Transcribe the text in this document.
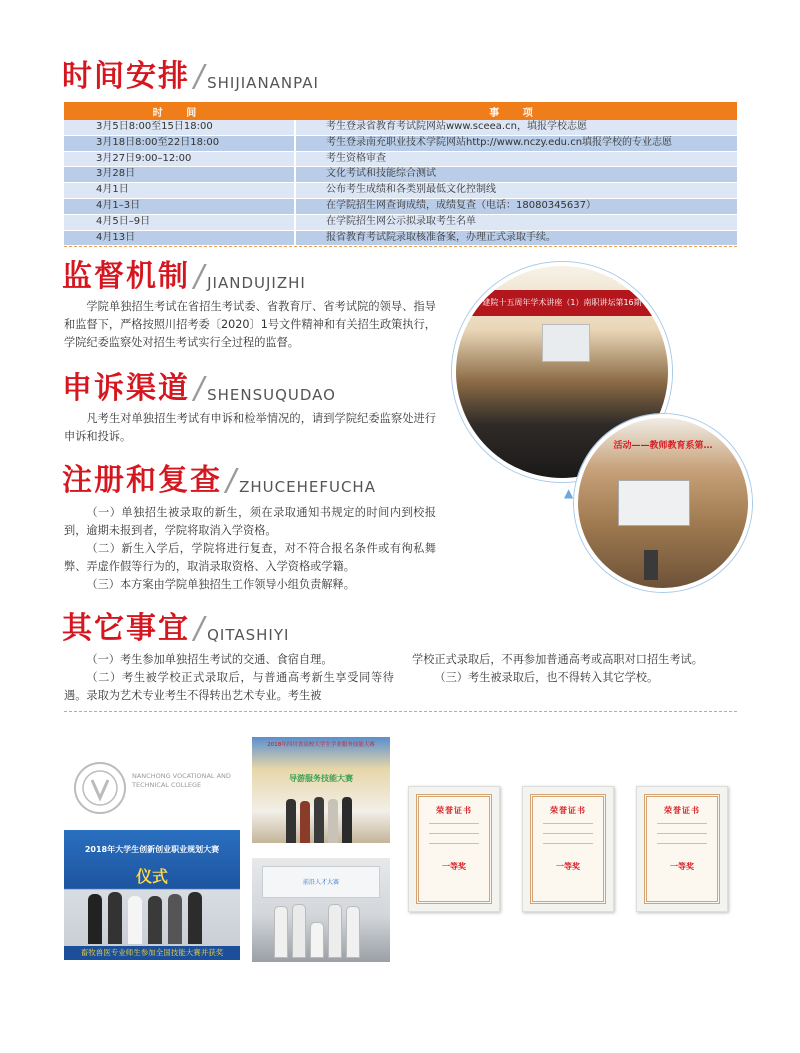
时间安排 / SHIJIANANPAI
时 间	事 项
3月5日8:00至15日18:00	考生登录省教育考试院网站www.sceea.cn，填报学校志愿
3月18日8:00至22日18:00	考生登录南充职业技术学院网站http://www.nczy.edu.cn填报学校的专业志愿
3月27日9:00–12:00	考生资格审查
3月28日	文化考试和技能综合测试
4月1日	公布考生成绩和各类别最低文化控制线
4月1–3日	在学院招生网查询成绩，成绩复查（电话：18080345637）
4月5日–9日	在学院招生网公示拟录取考生名单
4月13日	报省教育考试院录取核准备案，办理正式录取手续。
监督机制 / JIANDUJIZHI

学院单独招生考试在省招生考试委、省教育厅、省考试院的领导、指导和监督下，严格按照川招考委〔2020〕1号文件精神和有关招生政策执行，学院纪委监察处对招生考试实行全过程的监督。

申诉渠道 / SHENSUQUDAO

凡考生对单独招生考试有申诉和检举情况的，请到学院纪委监察处进行申诉和投诉。

注册和复查 / ZHUCEHEFUCHA

（一）单独招生被录取的新生，须在录取通知书规定的时间内到校报到，逾期未报到者，学院将取消入学资格。

（二）新生入学后，学院将进行复查，对不符合报名条件或有徇私舞弊、弄虚作假等行为的，取消录取资格、入学资格或学籍。

（三）本方案由学院单独招生工作领导小组负责解释。

其它事宜 / QITASHIYI

（一）考生参加单独招生考试的交通、食宿自理。

（二）考生被学校正式录取后，与普通高考新生享受同等待遇。录取为艺术专业考生不得转出艺术专业。考生被

学校正式录取后，不再参加普通高考或高职对口招生考试。

（三）考生被录取后，也不得转入其它学校。

建院十五周年学术讲座（1）南职讲坛第16期
活动——教师教育系第…
▲
NANCHONG VOCATIONAL AND TECHNICAL COLLEGE
2018年大学生创新创业职业规划大赛
仪式
畜牧兽医专业师生参加全国技能大赛并获奖
2018年四川省高校大学生学业服务技能大赛
导游服务技能大赛
前沿人才大赛
荣誉证书
一等奖
荣誉证书
一等奖
荣誉证书
一等奖
